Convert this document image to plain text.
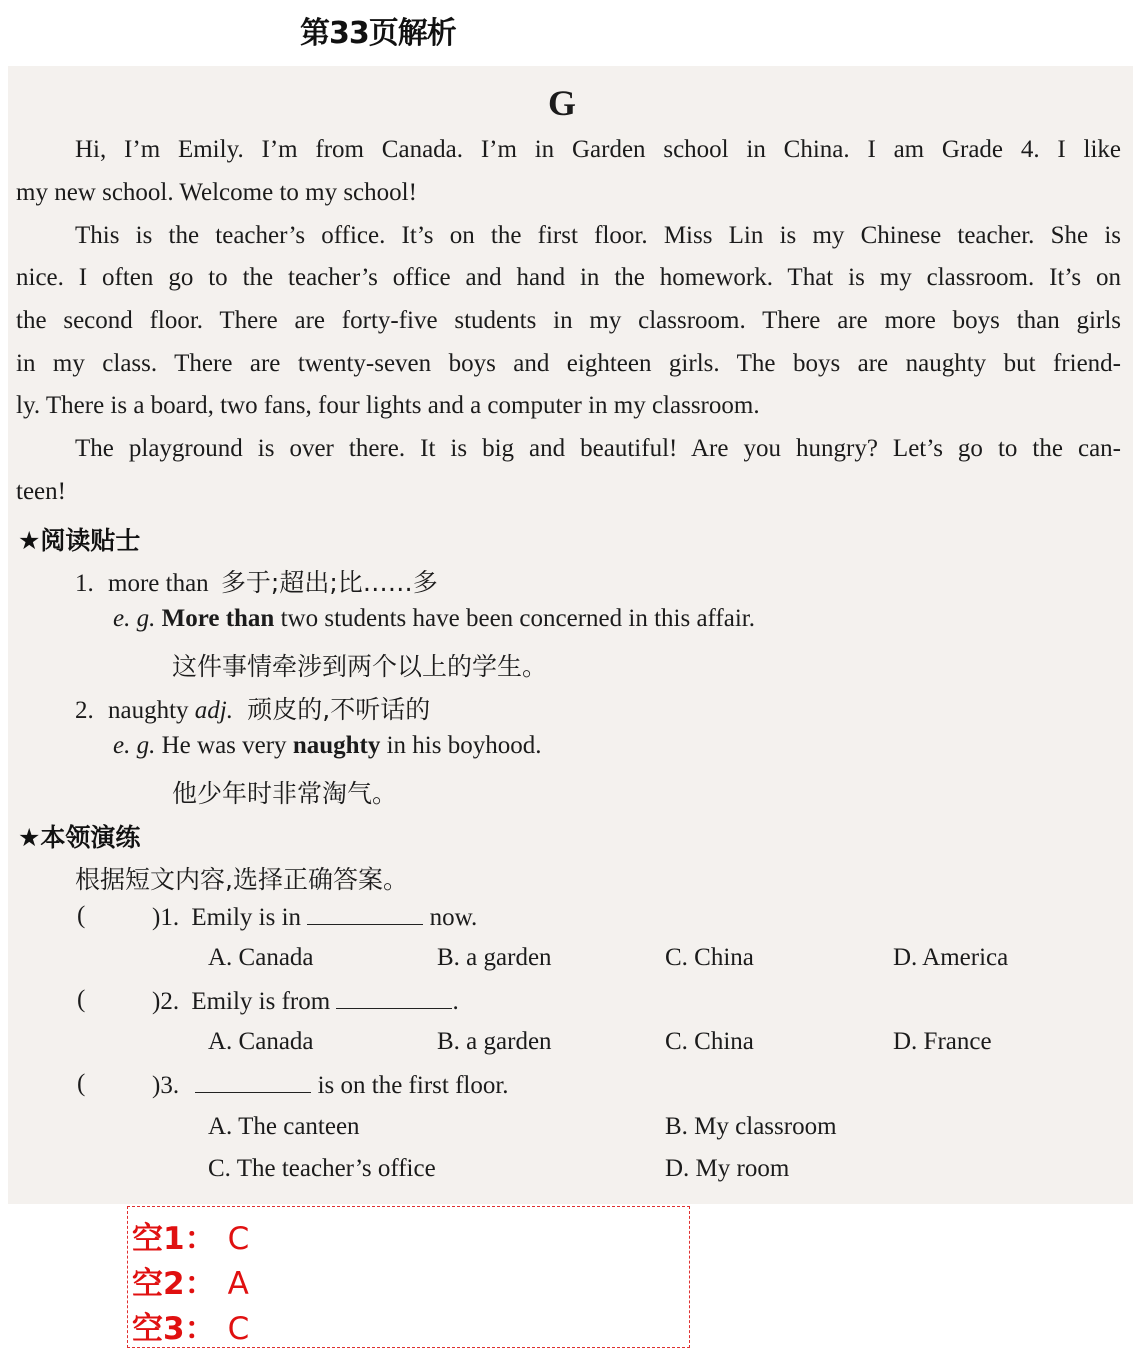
第33页解析
G
Hi, I’m Emily. I’m from Canada. I’m in Garden school in China. I am Grade 4. I like
my new school. Welcome to my school!
This is the teacher’s office. It’s on the first floor. Miss Lin is my Chinese teacher. She is
nice. I often go to the teacher’s office and hand in the homework. That is my classroom. It’s on
the second floor. There are forty-five students in my classroom. There are more boys than girls
in my class. There are twenty-seven boys and eighteen girls. The boys are naughty but friend-
ly. There is a board, two fans, four lights and a computer in my classroom.
The playground is over there. It is big and beautiful! Are you hungry? Let’s go to the can-
teen!
★阅读贴士
1. more than 多于;超出;比……多
e. g. More than two students have been concerned in this affair.
这件事情牵涉到两个以上的学生。
2. naughty adj. 顽皮的,不听话的
e. g. He was very naughty in his boyhood.
他少年时非常淘气。
★本领演练
根据短文内容,选择正确答案。
(	)1. Emily is in	now.
A. Canada	B. a garden	C. China	D. America
(	)2. Emily is from	.
A. Canada	B. a garden	C. China	D. France
(	)3.	is on the first floor.
A. The canteen	B. My classroom
C. The teacher’s office	D. My room
空1： C
空2： A
空3： C
